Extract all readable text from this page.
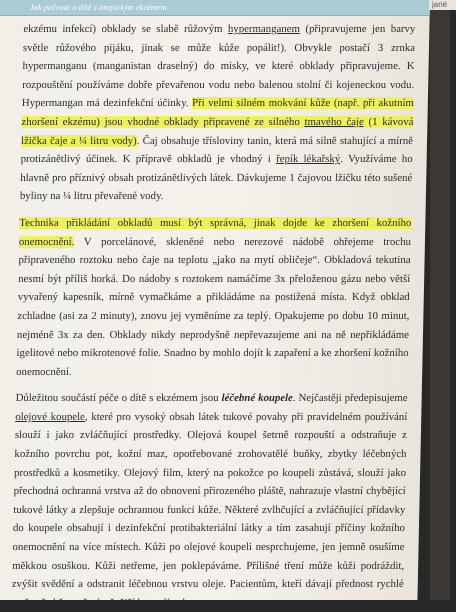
Jak pečovat o dítě s atopickým ekzémem

ekzému infekcí) obklady se slabě růžovým hypermanganem (připravujeme jen barvy světle růžového pijáku, jinak se může kůže popálit!). Obvykle postačí 3 zrnka hypermanganu (manganistan draselný) do misky, ve které obklady připravujeme. K rozpouštění používáme dobře převařenou vodu nebo balenou stolní či kojeneckou vodu. Hypermangan má dezinfekční účinky. Při velmi silném mokvání kůže (např. při akutním zhoršení ekzému) jsou vhodné obklady připravené ze silného tmavého čaje (1 kávová lžička čaje a ¼ litru vody). Čaj obsahuje třísloviny tanin, která má silně stahující a mírně protizánětlivý účinek. K přípravě obkladů je vhodný i řepík lékařský. Využíváme ho hlavně pro příznivý obsah protizánětlivých látek. Dávkujeme 1 čajovou lžičku této sušené byliny na ¼ litru převařené vody.

Technika přikládání obkladů musí být správná, jinak dojde ke zhoršení kožního onemocnění. V porcelánové, skleněné nebo nerezové nádobě ohřejeme trochu připraveného roztoku nebo čaje na teplotu „jako na mytí obličeje“. Obkladová tekutina nesmí být příliš horká. Do nádoby s roztokem namáčíme 3x přeloženou gázu nebo větší vyvařený kapesník, mírně vymačkáme a přikládáme na postižená místa. Když obklad zchladne (asi za 2 minuty), znovu jej vyměníme za teplý. Opakujeme po dobu 10 minut, nejméně 3x za den. Obklady nikdy neprodyšně nepřevazujeme ani na ně nepřikládáme igelitové nebo mikrotenové folie. Snadno by mohlo dojít k zapaření a ke zhoršení kožního onemocnění.

Důležitou součástí péče o dítě s ekzémem jsou léčebné koupele. Nejčastěji předepisujeme olejové koupele, které pro vysoký obsah látek tukové povahy při pravidelném používání slouží i jako zvláčňující prostředky. Olejová koupel šetrně rozpouští a odstraňuje z kožního povrchu pot, kožní maz, opotřebované zrohovatělé buňky, zbytky léčebných prostředků a kosmetiky. Olejový film, který na pokožce po koupeli zůstává, slouží jako přechodná ochranná vrstva až do obnovení přirozeného pláště, nahrazuje vlastní chybějící tukové látky a zlepšuje ochrannou funkci kůže. Některé zvlhčující a zvláčňující přídavky do koupele obsahují i dezinfekční protibakteriální látky a tím zasahují příčiny kožního onemocnění na více místech. Kůži po olejové koupeli nesprchujeme, jen jemně osušíme měkkou osuškou. Kůži netřeme, jen poklepáváme. Přílišné tření může kůži podráždit, zvýšit svědění a odstranit léčebnou vrstvu oleje. Pacientům, kteří dávají přednost rychlé sprše před časově náročnější koupelí nebo

jané
